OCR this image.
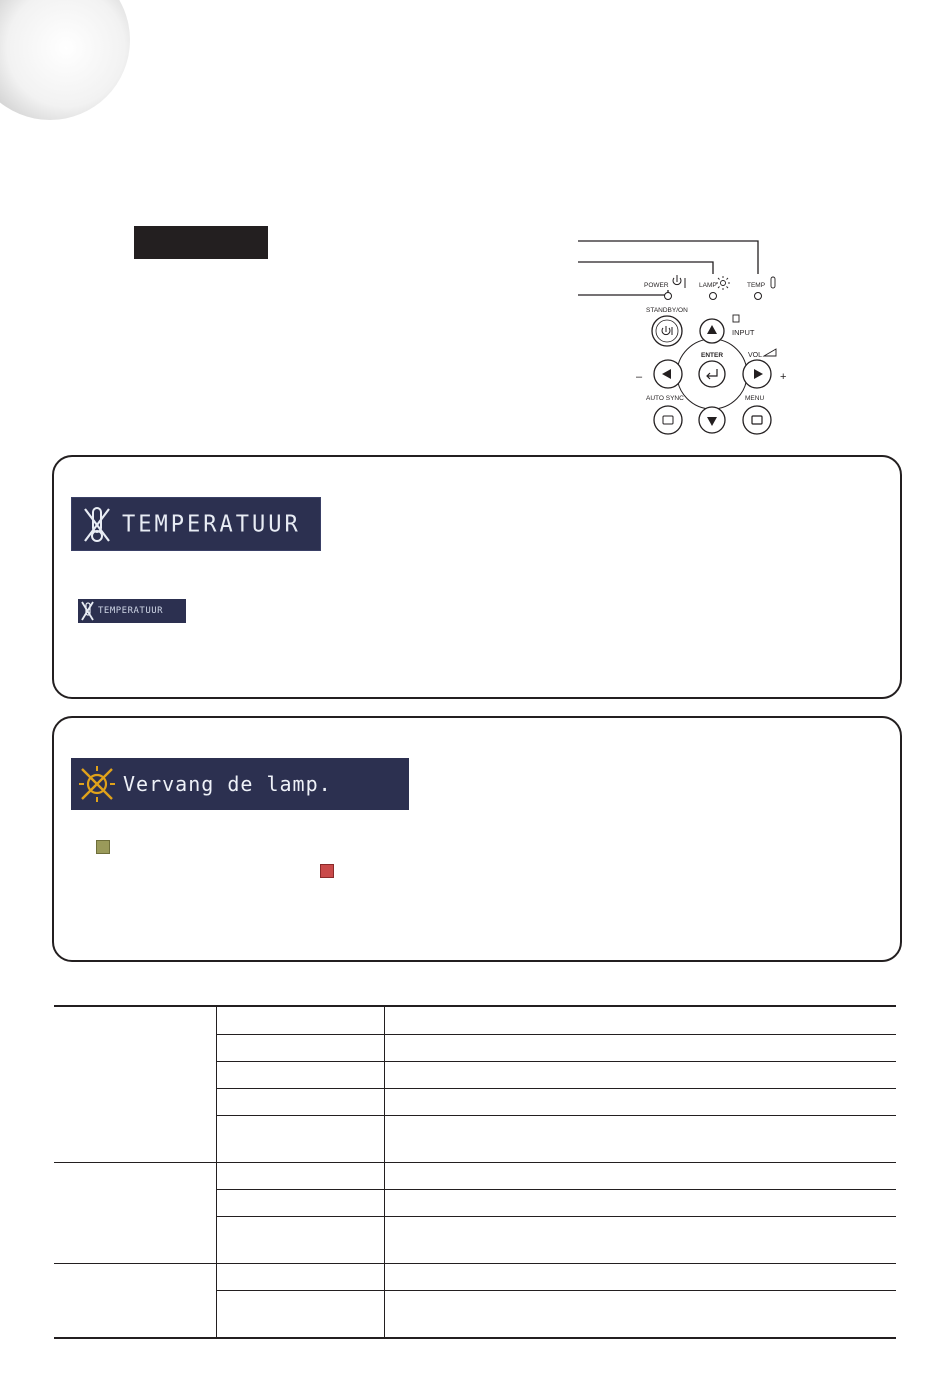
POWER	LAMP	TEMP
STANDBY/ON
INPUT
ENTER
–
VOL
+
AUTO SYNC	MENU
TEMPERATUUR
TEMPERATUUR
Vervang de lamp.
